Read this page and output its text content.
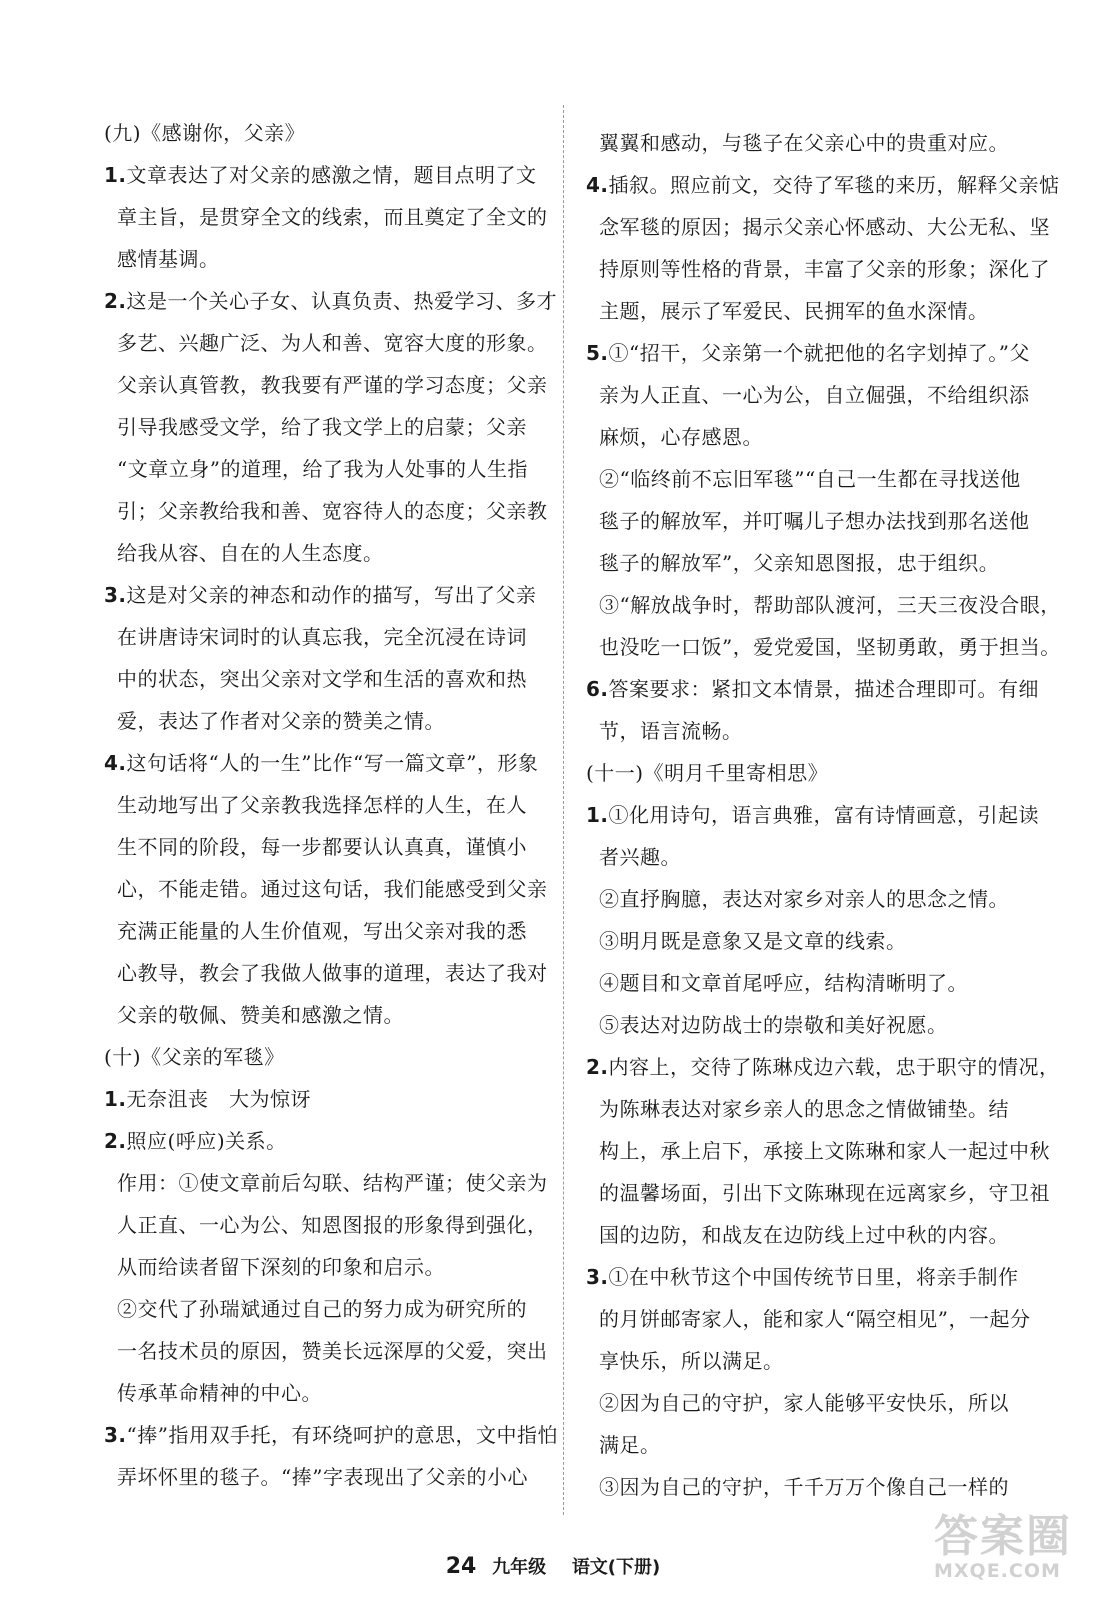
(九)《感谢你，父亲》
1.文章表达了对父亲的感激之情，题目点明了文
章主旨，是贯穿全文的线索，而且奠定了全文的
感情基调。
2.这是一个关心子女、认真负责、热爱学习、多才
多艺、兴趣广泛、为人和善、宽容大度的形象。
父亲认真管教，教我要有严谨的学习态度；父亲
引导我感受文学，给了我文学上的启蒙；父亲
“文章立身”的道理，给了我为人处事的人生指
引；父亲教给我和善、宽容待人的态度；父亲教
给我从容、自在的人生态度。
3.这是对父亲的神态和动作的描写，写出了父亲
在讲唐诗宋词时的认真忘我，完全沉浸在诗词
中的状态，突出父亲对文学和生活的喜欢和热
爱，表达了作者对父亲的赞美之情。
4.这句话将“人的一生”比作“写一篇文章”，形象
生动地写出了父亲教我选择怎样的人生，在人
生不同的阶段，每一步都要认认真真，谨慎小
心，不能走错。通过这句话，我们能感受到父亲
充满正能量的人生价值观，写出父亲对我的悉
心教导，教会了我做人做事的道理，表达了我对
父亲的敬佩、赞美和感激之情。
(十)《父亲的军毯》
1.无奈沮丧　大为惊讶
2.照应(呼应)关系。
作用：①使文章前后勾联、结构严谨；使父亲为
人正直、一心为公、知恩图报的形象得到强化，
从而给读者留下深刻的印象和启示。
②交代了孙瑞斌通过自己的努力成为研究所的
一名技术员的原因，赞美长远深厚的父爱，突出
传承革命精神的中心。
3.“捧”指用双手托，有环绕呵护的意思，文中指怕
弄坏怀里的毯子。“捧”字表现出了父亲的小心
翼翼和感动，与毯子在父亲心中的贵重对应。
4.插叙。照应前文，交待了军毯的来历，解释父亲惦
念军毯的原因；揭示父亲心怀感动、大公无私、坚
持原则等性格的背景，丰富了父亲的形象；深化了
主题，展示了军爱民、民拥军的鱼水深情。
5.①“招干，父亲第一个就把他的名字划掉了。”父
亲为人正直、一心为公，自立倔强，不给组织添
麻烦，心存感恩。
②“临终前不忘旧军毯”“自己一生都在寻找送他
毯子的解放军，并叮嘱儿子想办法找到那名送他
毯子的解放军”，父亲知恩图报，忠于组织。
③“解放战争时，帮助部队渡河，三天三夜没合眼，
也没吃一口饭”，爱党爱国，坚韧勇敢，勇于担当。
6.答案要求：紧扣文本情景，描述合理即可。有细
节，语言流畅。
(十一)《明月千里寄相思》
1.①化用诗句，语言典雅，富有诗情画意，引起读
者兴趣。
②直抒胸臆，表达对家乡对亲人的思念之情。
③明月既是意象又是文章的线索。
④题目和文章首尾呼应，结构清晰明了。
⑤表达对边防战士的崇敬和美好祝愿。
2.内容上，交待了陈琳戍边六载，忠于职守的情况，
为陈琳表达对家乡亲人的思念之情做铺垫。结
构上，承上启下，承接上文陈琳和家人一起过中秋
的温馨场面，引出下文陈琳现在远离家乡，守卫祖
国的边防，和战友在边防线上过中秋的内容。
3.①在中秋节这个中国传统节日里，将亲手制作
的月饼邮寄家人，能和家人“隔空相见”，一起分
享快乐，所以满足。
②因为自己的守护，家人能够平安快乐，所以
满足。
③因为自己的守护，千千万万个像自己一样的
24 九年级 语文(下册)
答案圈
MXQE.COM
